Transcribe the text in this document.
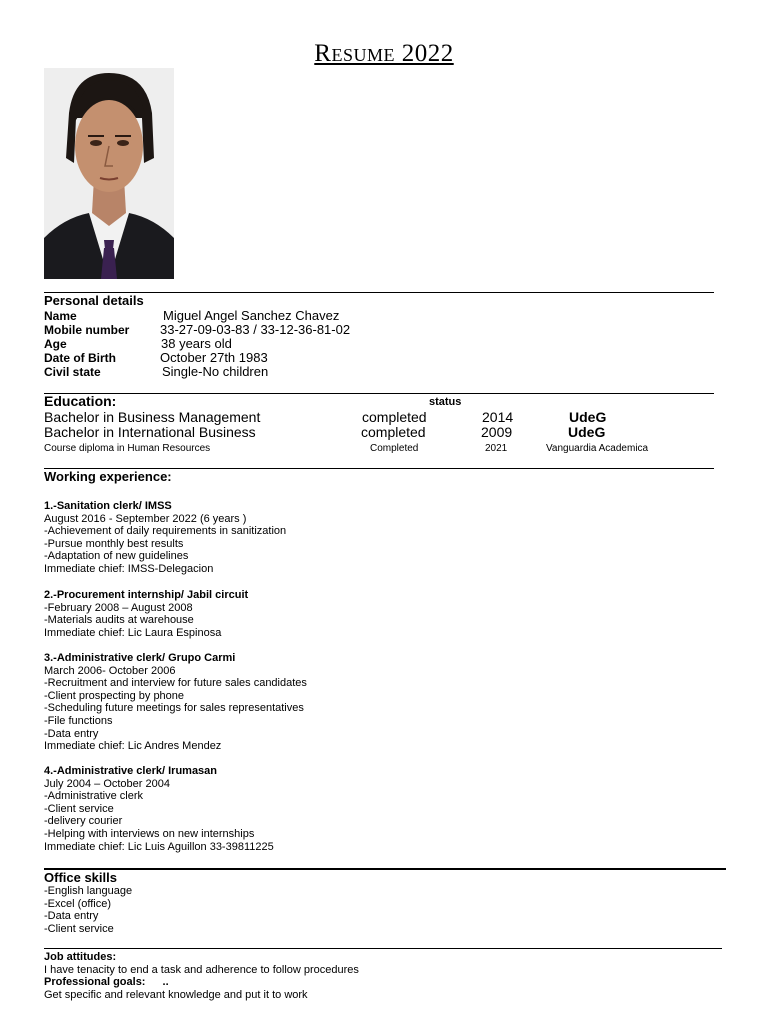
Resume 2022
Personal details
Name	Miguel Angel Sanchez Chavez
Mobile number 33-27-09-03-83 / 33-12-36-81-02
Age	38 years old
Date of Birth	October 27th 1983
Civil state	Single-No children
Education:	status
Bachelor in Business Management	completed	2014	UdeG
Bachelor in International Business	completed	2009	UdeG
Course diploma in Human Resources	Completed	2021	Vanguardia Academica
Working experience:
1.-Sanitation clerk/ IMSS
August 2016 - September 2022 (6 years )
-Achievement of daily requirements in sanitization
-Pursue monthly best results
-Adaptation of new guidelines
Immediate chief: IMSS-Delegacion
2.-Procurement internship/ Jabil circuit
-February 2008 – August 2008
-Materials audits at warehouse
Immediate chief: Lic Laura Espinosa
3.-Administrative clerk/ Grupo Carmi
March 2006- October 2006
-Recruitment and interview for future sales candidates
-Client prospecting by phone
-Scheduling future meetings for sales representatives
-File functions
-Data entry
Immediate chief: Lic Andres Mendez
4.-Administrative clerk/ Irumasan
July 2004 – October 2004
-Administrative clerk
-Client service
-delivery courier
-Helping with interviews on new internships
Immediate chief: Lic Luis Aguillon 33-39811225
Office skills
-English language
-Excel (office)
-Data entry
-Client service
Job attitudes:
I have tenacity to end a task and adherence to follow procedures
Professional goals: ..
Get specific and relevant knowledge and put it to work
